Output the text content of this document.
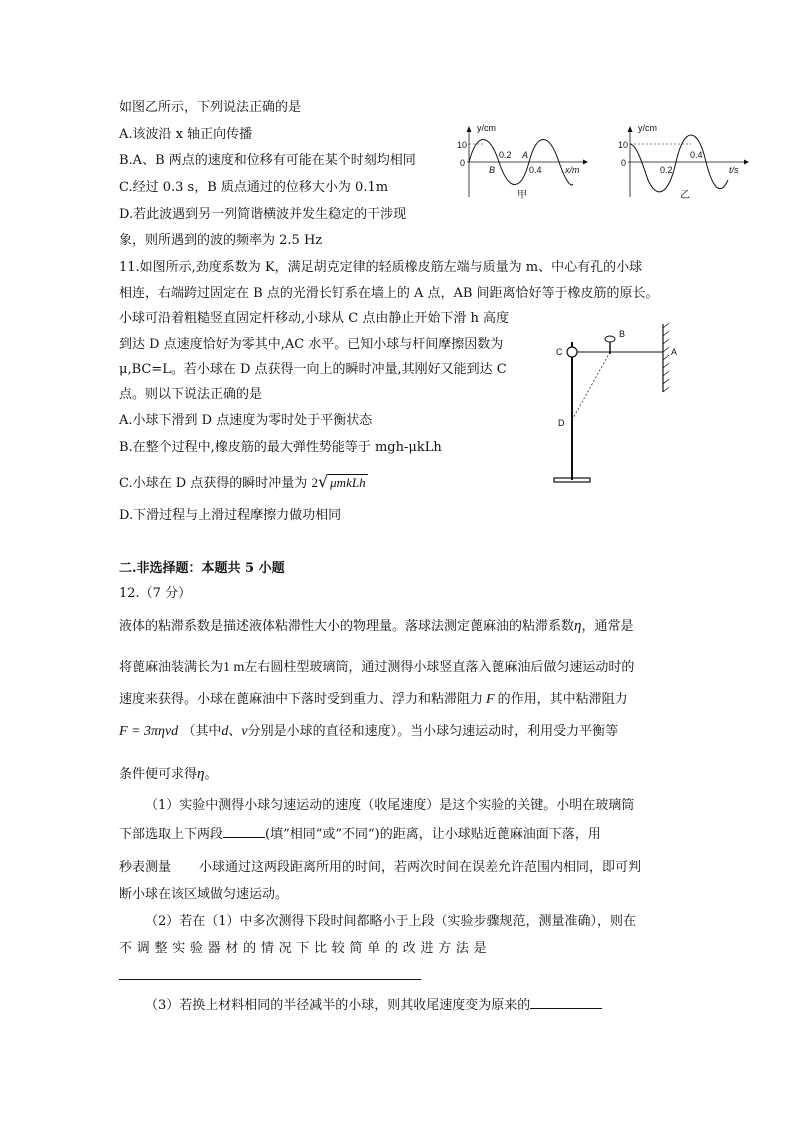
如图乙所示，下列说法正确的是
A.该波沿 x 轴正向传播
B.A、B 两点的速度和位移有可能在某个时刻均相同
C.经过 0.3 s，B 质点通过的位移大小为 0.1m
D.若此波遇到另一列简谐横波并发生稳定的干涉现
象，则所遇到的波的频率为 2.5 Hz
y/cm
10
0
0.2 A
B	0.4	x/m
甲
y/cm
10
0
0.4
0.2	t/s
乙
11.如图所示,劲度系数为 K，满足胡克定律的轻质橡皮筋左端与质量为 m、中心有孔的小球
相连，右端跨过固定在 B 点的光滑长钉系在墙上的 A 点，AB 间距离恰好等于橡皮筋的原长。
小球可沿着粗糙竖直固定杆移动,小球从 C 点由静止开始下滑 h 高度
到达 D 点速度恰好为零其中,AC 水平。已知小球与杆间摩擦因数为
μ,BC=L。若小球在 D 点获得一向上的瞬时冲量,其刚好又能到达 C
点。则以下说法正确的是
A.小球下滑到 D 点速度为零时处于平衡状态
B.在整个过程中,橡皮筋的最大弹性势能等于 mgh-μkLh
C.小球在 D 点获得的瞬时冲量为 2√ μmkLh
D.下滑过程与上滑过程摩擦力做功相同
B
A
C
D
二.非选择题：本题共 5 小题
12.（7 分）
液体的粘滞系数是描述液体粘滞性大小的物理量。落球法测定蓖麻油的粘滞系数η，通常是
将蓖麻油装满长为1 m左右圆柱型玻璃筒，通过测得小球竖直落入蓖麻油后做匀速运动时的
速度来获得。小球在蓖麻油中下落时受到重力、浮力和粘滞阻力 F 的作用，其中粘滞阻力
F = 3πηvd （其中d、v分别是小球的直径和速度）。当小球匀速运动时，利用受力平衡等
条件便可求得η。
（1）实验中测得小球匀速运动的速度（收尾速度）是这个实验的关键。小明在玻璃筒
下部选取上下两段	(填”相同“或”不同“)的距离，让小球贴近蓖麻油面下落，用
秒表测量 小球通过这两段距离所用的时间，若两次时间在误差允许范围内相同，即可判
断小球在该区域做匀速运动。
（2）若在（1）中多次测得下段时间都略小于上段（实验步骤规范，测量准确），则在
不 调 整 实 验 器 材 的 情 况 下 比 较 简 单 的 改 进 方 法 是
（3）若换上材料相同的半径减半的小球，则其收尾速度变为原来的
